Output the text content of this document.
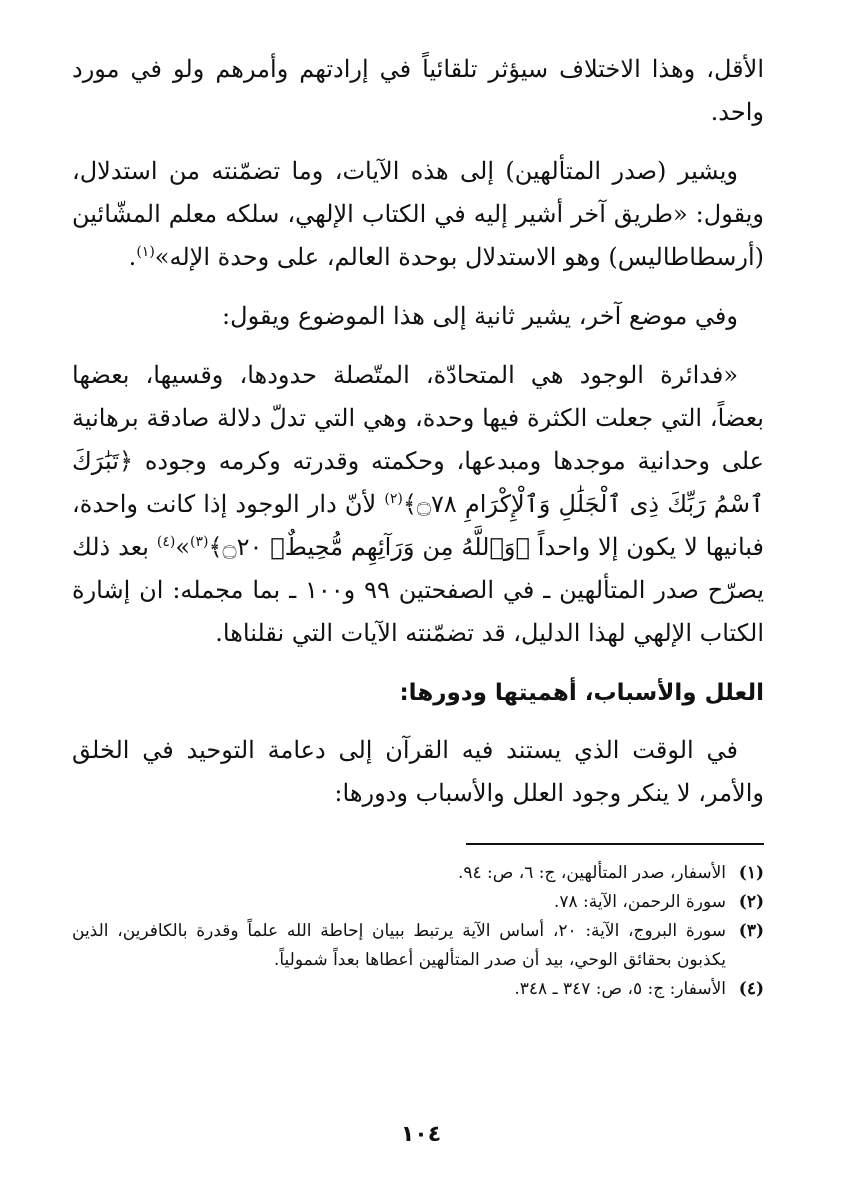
الأقل، وهذا الاختلاف سيؤثر تلقائياً في إرادتهم وأمرهم ولو في مورد واحد.

ويشير (صدر المتألهين) إلى هذه الآيات، وما تضمّنته من استدلال، ويقول: «طريق آخر أشير إليه في الكتاب الإلهي، سلكه معلم المشّائين (أرسطاطاليس) وهو الاستدلال بوحدة العالم، على وحدة الإله»$^{(١)}$.

وفي موضع آخر، يشير ثانية إلى هذا الموضوع ويقول:

«فدائرة الوجود هي المتحادّة، المتّصلة حدودها، وقسيها، بعضها بعضاً، التي جعلت الكثرة فيها وحدة، وهي التي تدلّ دلالة صادقة برهانية على وحدانية موجدها ومبدعها، وحكمته وقدرته وكرمه وجوده ﴿تَبَٰرَكَ ٱسْمُ رَبِّكَ ذِى ٱلْجَلَٰلِ وَٱلْإِكْرَامِ ۝٧٨﴾$^{(٢)}$ لأنّ دار الوجود إذا كانت واحدة، فبانيها لا يكون إلا واحداً ﴿وَٱللَّهُ مِن وَرَآئِهِم مُّحِيطٌۢ ۝٢٠﴾$^{(٣)}$»$^{(٤)}$ بعد ذلك يصرّح صدر المتألهين ـ في الصفحتين ٩٩ و١٠٠ ـ بما مجمله: ان إشارة الكتاب الإلهي لهذا الدليل، قد تضمّنته الآيات التي نقلناها.

العلل والأسباب، أهميتها ودورها:

في الوقت الذي يستند فيه القرآن إلى دعامة التوحيد في الخلق والأمر، لا ينكر وجود العلل والأسباب ودورها:

(١)
الأسفار، صدر المتألهين، ج: ٦، ص: ٩٤.
(٢)
سورة الرحمن، الآية: ٧٨.
(٣)
سورة البروج، الآية: ٢٠، أساس الآية يرتبط ببيان إحاطة الله علماً وقدرة بالكافرين، الذين يكذبون بحقائق الوحي، بيد أن صدر المتألهين أعطاها بعداً شمولياً.
(٤)
الأسفار: ج: ٥، ص: ٣٤٧ ـ ٣٤٨.
١٠٤
